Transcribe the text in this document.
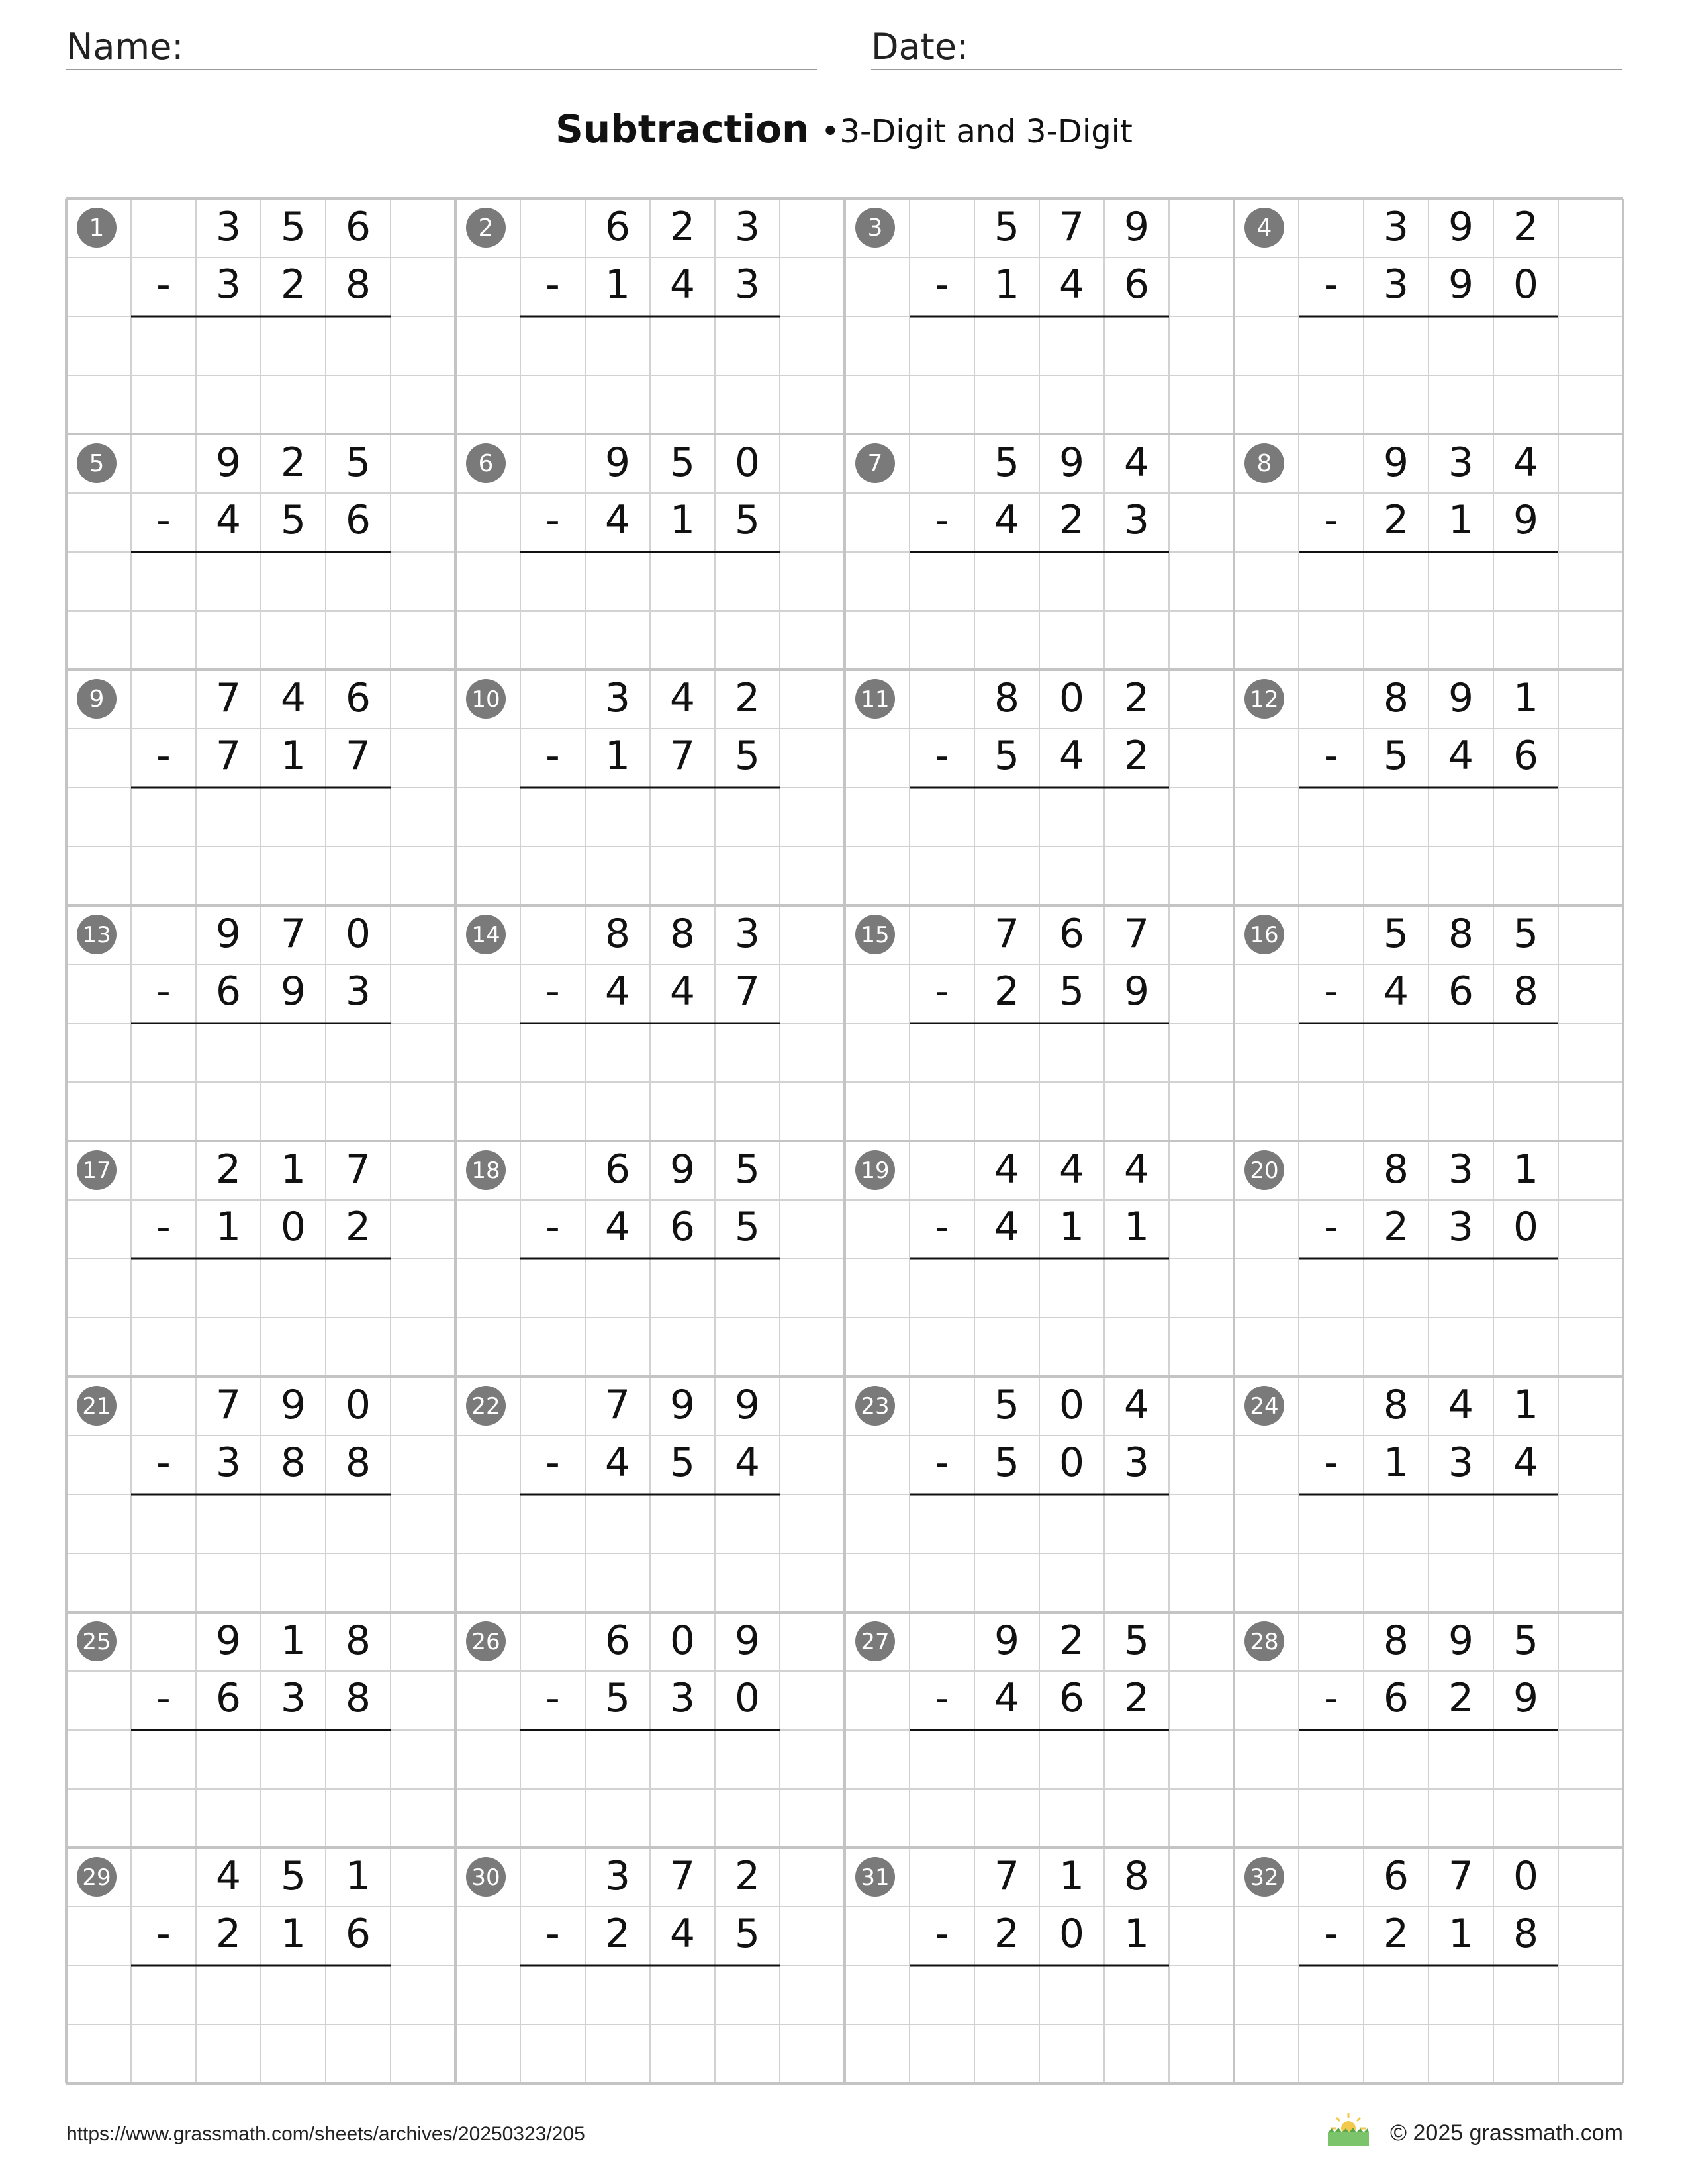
Name:	Date:
Subtraction •3-Digit and 3-Digit
1	3 5 6
- 3 2 8
2	6 2 3
- 1 4 3
3	5 7 9
- 1 4 6
4	3 9 2
- 3 9 0
5	9 2 5
- 4 5 6
6	9 5 0
- 4 1 5
7	5 9 4
- 4 2 3
8	9 3 4
- 2 1 9
9	7 4 6
- 7 1 7
10	3 4 2
- 1 7 5
11	8 0 2
- 5 4 2
12	8 9 1
- 5 4 6
13	9 7 0
- 6 9 3
14	8 8 3
- 4 4 7
15	7 6 7
- 2 5 9
16	5 8 5
- 4 6 8
17	2 1 7
- 1 0 2
18	6 9 5
- 4 6 5
19	4 4 4
- 4 1 1
20	8 3 1
- 2 3 0
21	7 9 0
- 3 8 8
22	7 9 9
- 4 5 4
23	5 0 4
- 5 0 3
24	8 4 1
- 1 3 4
25	9 1 8
- 6 3 8
26	6 0 9
- 5 3 0
27	9 2 5
- 4 6 2
28	8 9 5
- 6 2 9
29	4 5 1
- 2 1 6
30	3 7 2
- 2 4 5
31	7 1 8
- 2 0 1
32	6 7 0
- 2 1 8
https://www.grassmath.com/sheets/archives/20250323/205	© 2025 grassmath.com
